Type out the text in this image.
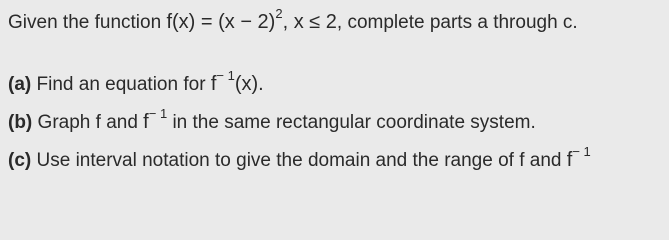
Given the function $f(x) = (x - 2)^2$, x ≤ 2, complete parts a through c.
(a) Find an equation for $f^{- 1}(x)$.
(b) Graph f and $f^{- 1}$ in the same rectangular coordinate system.
(c) Use interval notation to give the domain and the range of f and $f^{- 1}$
